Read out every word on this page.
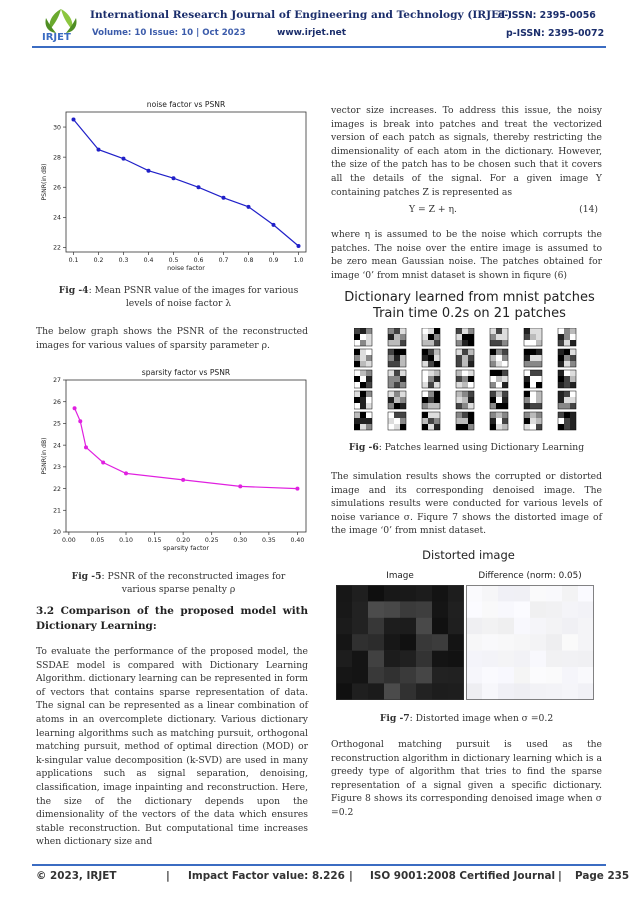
IRJET
International Research Journal of Engineering and Technology (IRJET)
e-ISSN: 2395-0056
Volume: 10 Issue: 10 | Oct 2023	www.irjet.net	p-ISSN: 2395-0072
noise factor vs PSNR
0.1 0.2 0.3 0.4 0.5 0.6 0.7 0.8 0.9 1.0
22
24
26
28
30
noise factor
PSNR(in dB)
Fig -4: Mean PSNR value of the images for various levels of noise factor λ
The below graph shows the PSNR of the reconstructed images for various values of sparsity parameter ρ.
sparsity factor vs PSNR
0.00 0.05 0.10 0.15 0.20 0.25 0.30 0.35 0.40
20
21
22
23
24
25
26
27
sparsity factor
PSNR(in dB)
Fig -5: PSNR of the reconstructed images for various sparse penalty ρ
3.2 Comparison of the proposed model with Dictionary Learning:
To evaluate the performance of the proposed model, the SSDAE model is compared with Dictionary Learning Algorithm. dictionary learning can be represented in form of vectors that contains sparse representation of data. The signal can be represented as a linear combination of atoms in an overcomplete dictionary. Various dictionary learning algorithms such as matching pursuit, orthogonal matching pursuit, method of optimal direction (MOD) or k-singular value decomposition (k-SVD) are used in many applications such as signal separation, denoising, classification, image inpainting and reconstruction. Here, the size of the dictionary depends upon the dimensionality of the vectors of the data which ensures stable reconstruction. But computational time increases when dictionary size and
vector size increases. To address this issue, the noisy images is break into patches and treat the vectorized version of each patch as signals, thereby restricting the dimensionality of each atom in the dictionary. However, the size of the patch has to be chosen such that it covers all the details of the signal. For a given image Y containing patches Z is represented as
Y = Z + η.	(14)
where η is assumed to be the noise which corrupts the patches. The noise over the entire image is assumed to be zero mean Gaussian noise. The patches obtained for image ‘0’ from mnist dataset is shown in fiqure (6)
Dictionary learned from mnist patches
Train time 0.2s on 21 patches
Fig -6: Patches learned using Dictionary Learning
The simulation results shows the corrupted or distorted image and its corresponding denoised image. The simulations results were conducted for various levels of noise variance σ. Fiqure 7 shows the distorted image of the image ‘0’ from mnist dataset.
Distorted image
Image	Difference (norm: 0.05)
Fig -7: Distorted image when σ =0.2
Orthogonal matching pursuit is used as the reconstruction algorithm in dictionary learning which is a greedy type of algorithm that tries to find the sparse representation of a signal given a specific dictionary. Figure 8 shows its corresponding denoised image when σ =0.2
© 2023, IRJET	| Impact Factor value: 8.226 | ISO 9001:2008 Certified Journal | Page 235
